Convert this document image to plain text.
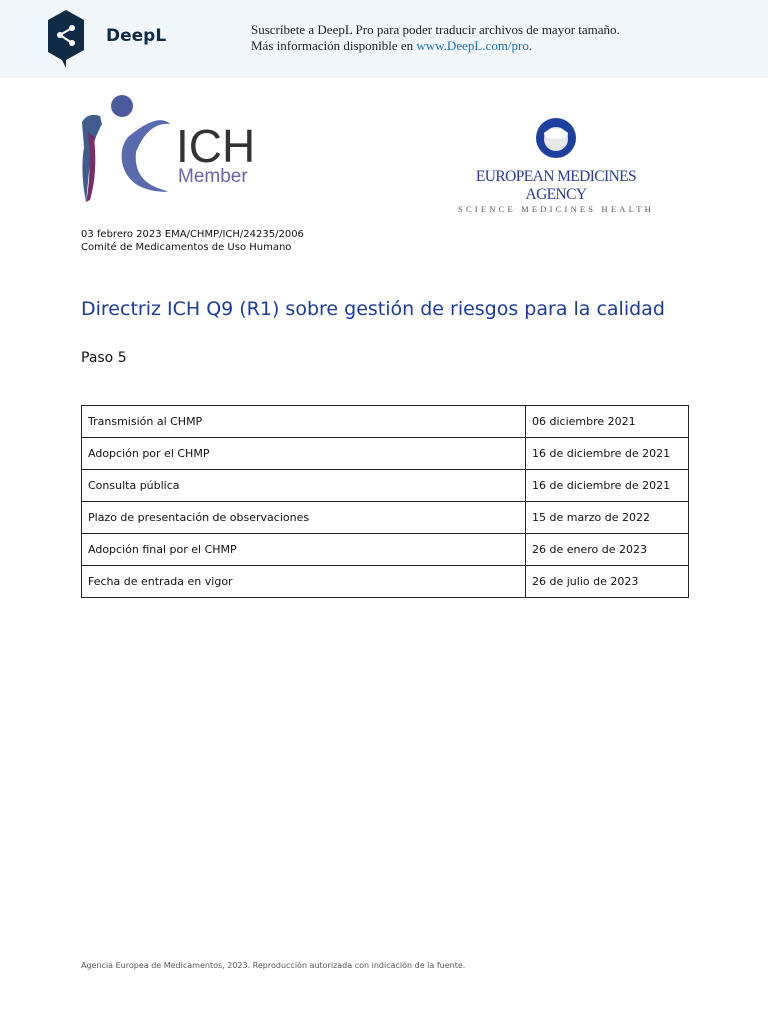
DeepL	Suscríbete a DeepL Pro para poder traducir archivos de mayor tamaño.
Más información disponible en www.DeepL.com/pro.
ICH
Member	EUROPEAN MEDICINES AGENCY
SCIENCE MEDICINES HEALTH
03 febrero 2023 EMA/CHMP/ICH/24235/2006
Comité de Medicamentos de Uso Humano
Directriz ICH Q9 (R1) sobre gestión de riesgos para la calidad
Paso 5
Transmisión al CHMP	06 diciembre 2021
Adopción por el CHMP	16 de diciembre de 2021
Consulta pública	16 de diciembre de 2021
Plazo de presentación de observaciones	15 de marzo de 2022
Adopción final por el CHMP	26 de enero de 2023
Fecha de entrada en vigor	26 de julio de 2023
Agencia Europea de Medicamentos, 2023. Reproducción autorizada con indicación de la fuente.
